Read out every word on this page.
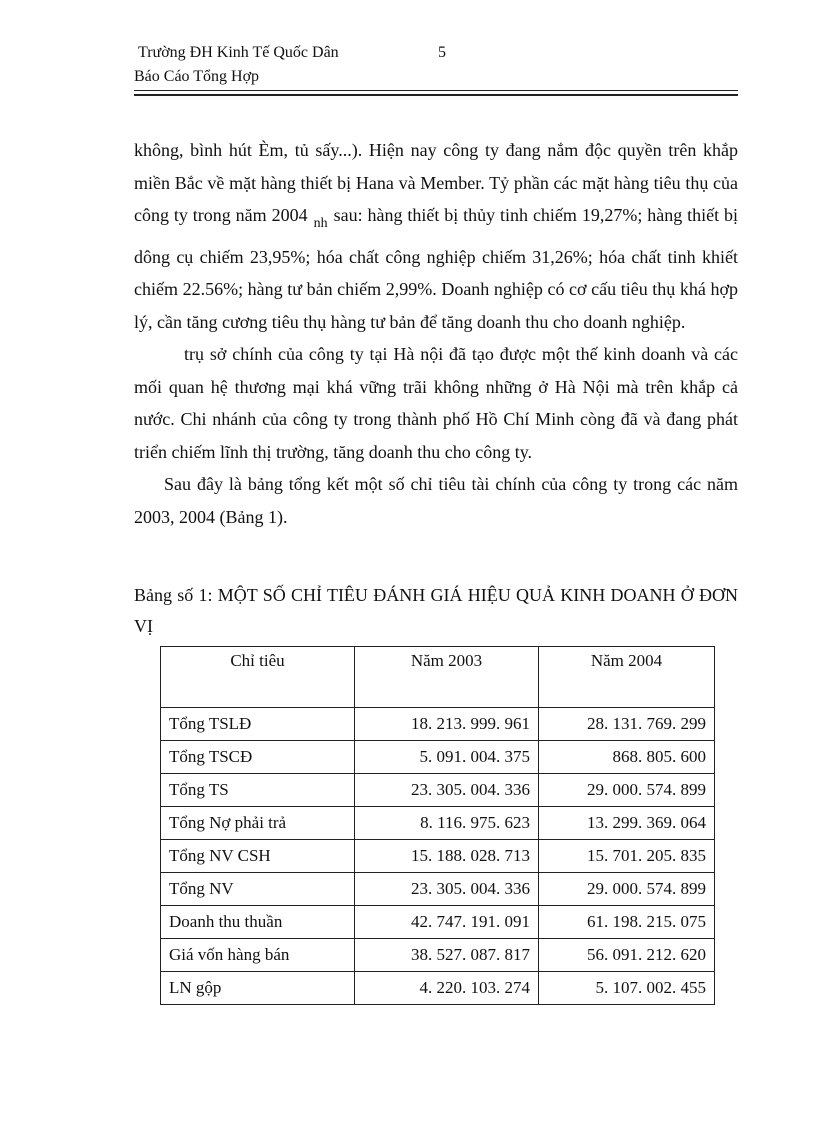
Trường ĐH Kinh Tế Quốc Dân	5
Báo Cáo Tổng Hợp

không, bình hút Èm, tủ sấy...). Hiện nay công ty đang nắm độc quyền trên khắp miền Bắc về mặt hàng thiết bị Hana và Member. Tỷ phần các mặt hàng tiêu thụ của công ty trong năm 2004 $_{nh}$ sau: hàng thiết bị thủy tinh chiếm 19,27%; hàng thiết bị dông cụ chiếm 23,95%; hóa chất công nghiệp chiếm 31,26%; hóa chất tinh khiết chiếm 22.56%; hàng tư bản chiếm 2,99%. Doanh nghiệp có cơ cấu tiêu thụ khá hợp lý, cần tăng cương tiêu thụ hàng tư bản để tăng doanh thu cho doanh nghiệp.

trụ sở chính của công ty tại Hà nội đã tạo được một thế kinh doanh và các mối quan hệ thương mại khá vững trãi không những ở Hà Nội mà trên khắp cả nước. Chi nhánh của công ty trong thành phố Hồ Chí Minh còng đã và đang phát triển chiếm lĩnh thị trường, tăng doanh thu cho công ty.

Sau đây là bảng tổng kết một số chỉ tiêu tài chính của công ty trong các năm 2003, 2004 (Bảng 1).

Bảng số 1: MỘT SỐ CHỈ TIÊU ĐÁNH GIÁ HIỆU QUẢ KINH DOANH Ở ĐƠN VỊ
Chỉ tiêu	Năm 2003	Năm 2004
Tổng TSLĐ	18. 213. 999. 961	28. 131. 769. 299
Tổng TSCĐ	5. 091. 004. 375	868. 805. 600
Tổng TS	23. 305. 004. 336	29. 000. 574. 899
Tổng Nợ phải trả	8. 116. 975. 623	13. 299. 369. 064
Tổng NV CSH	15. 188. 028. 713	15. 701. 205. 835
Tổng NV	23. 305. 004. 336	29. 000. 574. 899
Doanh thu thuần	42. 747. 191. 091	61. 198. 215. 075
Giá vốn hàng bán	38. 527. 087. 817	56. 091. 212. 620
LN gộp	4. 220. 103. 274	5. 107. 002. 455
